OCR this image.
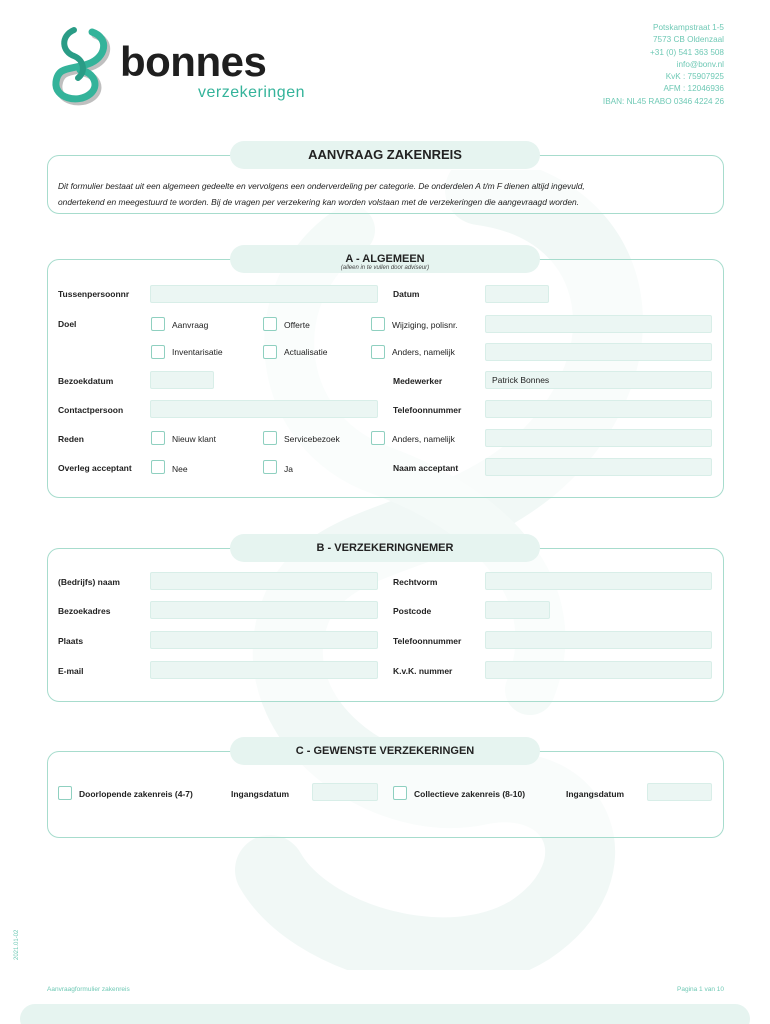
bonnes
verzekeringen
Potskampstraat 1-5
7573 CB Oldenzaal
+31 (0) 541 363 508
info@bonv.nl
KvK : 75907925
AFM : 12046936
IBAN: NL45 RABO 0346 4224 26
AANVRAAG ZAKENREIS
Dit formulier bestaat uit een algemeen gedeelte en vervolgens een onderverdeling per categorie. De onderdelen A t/m F dienen altijd ingevuld,
ondertekend en meegestuurd te worden. Bij de vragen per verzekering kan worden volstaan met de verzekeringen die aangevraagd worden.
A - ALGEMEEN
(alleen in te vullen door adviseur)
Tussenpersoonnr	Datum
Doel	Aanvraag	Offerte	Wijziging, polisnr.
Inventarisatie	Actualisatie	Anders, namelijk
Bezoekdatum	Medewerker	Patrick Bonnes
Contactpersoon	Telefoonnummer
Reden	Nieuw klant	Servicebezoek	Anders, namelijk
Overleg acceptant	Nee	Ja	Naam acceptant
B - VERZEKERINGNEMER
(Bedrijfs) naam	Rechtvorm
Bezoekadres	Postcode
Plaats	Telefoonnummer
E-mail	K.v.K. nummer
C - GEWENSTE VERZEKERINGEN
Doorlopende zakenreis (4-7)	Ingangsdatum	Collectieve zakenreis (8-10)	Ingangsdatum
2021.01-02
Aanvraagformulier zakenreis	Pagina 1 van 10
